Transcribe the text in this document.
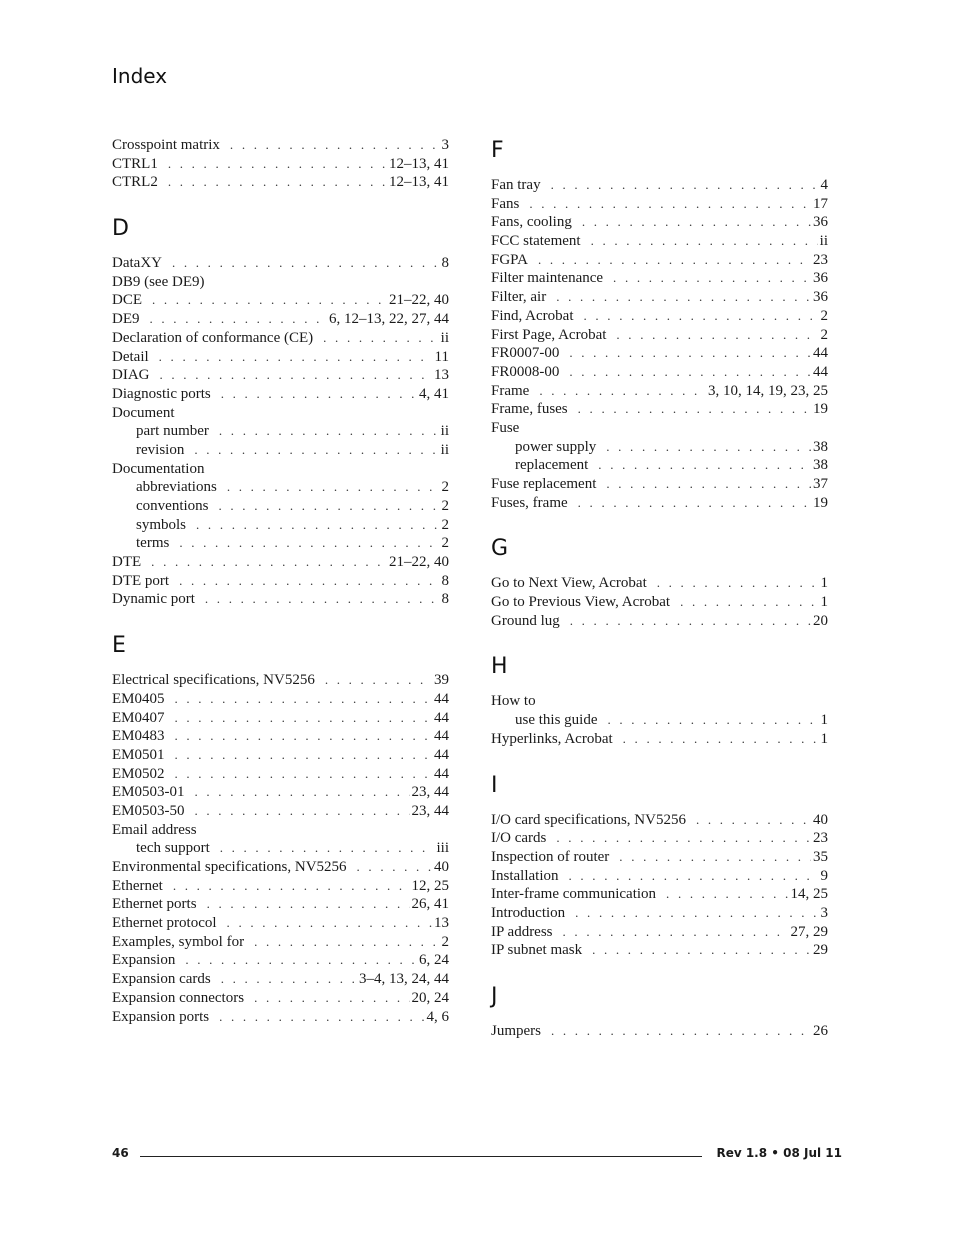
Index
Crosspoint matrix . . .	3
CTRL1 . . .	12–13, 41
CTRL2 . . .	12–13, 41
D
DataXY . . .	8
DB9 (see DE9)
DCE . . .	21–22, 40
DE9 . . .	6, 12–13, 22, 27, 44
Declaration of conformance (CE) . . .	ii
Detail . . .	11
DIAG . . .	13
Diagnostic ports . . .	4, 41
Document
part number . . .	ii
revision . . .	ii
Documentation
abbreviations . . .	2
conventions . . .	2
symbols . . .	2
terms . . .	2
DTE . . .	21–22, 40
DTE port . . .	8
Dynamic port . . .	8
E
Electrical specifications, NV5256 . . .	39
EM0405 . . .	44
EM0407 . . .	44
EM0483 . . .	44
EM0501 . . .	44
EM0502 . . .	44
EM0503-01 . . .	23, 44
EM0503-50 . . .	23, 44
Email address
tech support . . .	iii
Environmental specifications, NV5256 . . .	40
Ethernet . . .	12, 25
Ethernet ports . . .	26, 41
Ethernet protocol . . .	13
Examples, symbol for . . .	2
Expansion . . .	6, 24
Expansion cards . . .	3–4, 13, 24, 44
Expansion connectors . . .	20, 24
Expansion ports . . .	4, 6
F
Fan tray . . .	4
Fans . . .	17
Fans, cooling . . .	36
FCC statement . . .	ii
FGPA . . .	23
Filter maintenance . . .	36
Filter, air . . .	36
Find, Acrobat . . .	2
First Page, Acrobat . . .	2
FR0007-00 . . .	44
FR0008-00 . . .	44
Frame . . .	3, 10, 14, 19, 23, 25
Frame, fuses . . .	19
Fuse
power supply . . .	38
replacement . . .	38
Fuse replacement . . .	37
Fuses, frame . . .	19
G
Go to Next View, Acrobat . . .	1
Go to Previous View, Acrobat . . .	1
Ground lug . . .	20
H
How to
use this guide . . .	1
Hyperlinks, Acrobat . . .	1
I
I/O card specifications, NV5256 . . .	40
I/O cards . . .	23
Inspection of router . . .	35
Installation . . .	9
Inter-frame communication . . .	14, 25
Introduction . . .	3
IP address . . .	27, 29
IP subnet mask . . .	29
J
Jumpers . . .	26
46	Rev 1.8 • 08 Jul 11
